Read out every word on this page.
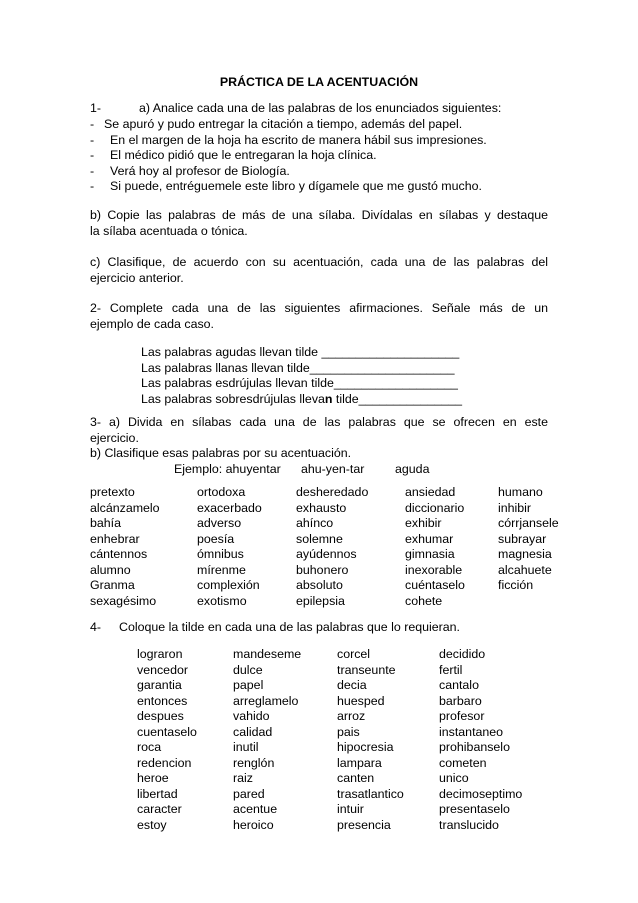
PRÁCTICA DE LA ACENTUACIÓN
1-	a) Analice cada una de las palabras de los enunciados siguientes:
- Se apuró y pudo entregar la citación a tiempo, además del papel.
- En el margen de la hoja ha escrito de manera hábil sus impresiones.
- El médico pidió que le entregaran la hoja clínica.
- Verá hoy al profesor de Biología.
- Si puede, entréguemele este libro y dígamele que me gustó mucho.
b) Copie las palabras de más de una sílaba. Divídalas en sílabas y destaque
la sílaba acentuada o tónica.
c) Clasifique, de acuerdo con su acentuación, cada una de las palabras del
ejercicio anterior.
2- Complete cada una de las siguientes afirmaciones. Señale más de un
ejemplo de cada caso.
Las palabras agudas llevan tilde ____________________
Las palabras llanas llevan tilde_____________________
Las palabras esdrújulas llevan tilde__________________
Las palabras sobresdrújulas llevan tilde_______________
3- a) Divida en sílabas cada una de las palabras que se ofrecen en este
ejercicio.
b) Clasifique esas palabras por su acentuación.
Ejemplo: ahuyentar ahu-yen-tar aguda
pretexto
alcánzamelo
bahía
enhebrar
cántennos
alumno
Granma
sexagésimo
ortodoxa
exacerbado
adverso
poesía
ómnibus
mírenme
complexión
exotismo
desheredado
exhausto
ahínco
solemne
ayúdennos
buhonero
absoluto
epilepsia
ansiedad
diccionario
exhibir
exhumar
gimnasia
inexorable
cuéntaselo
cohete
humano
inhibir
córrjansele
subrayar
magnesia
alcahuete
ficción
4- Coloque la tilde en cada una de las palabras que lo requieran.
lograron
vencedor
garantia
entonces
despues
cuentaselo
roca
redencion
heroe
libertad
caracter
estoy
mandeseme
dulce
papel
arreglamelo
vahido
calidad
inutil
renglón
raiz
pared
acentue
heroico
corcel
transeunte
decia
huesped
arroz
pais
hipocresia
lampara
canten
trasatlantico
intuir
presencia
decidido
fertil
cantalo
barbaro
profesor
instantaneo
prohibanselo
cometen
unico
decimoseptimo
presentaselo
translucido
